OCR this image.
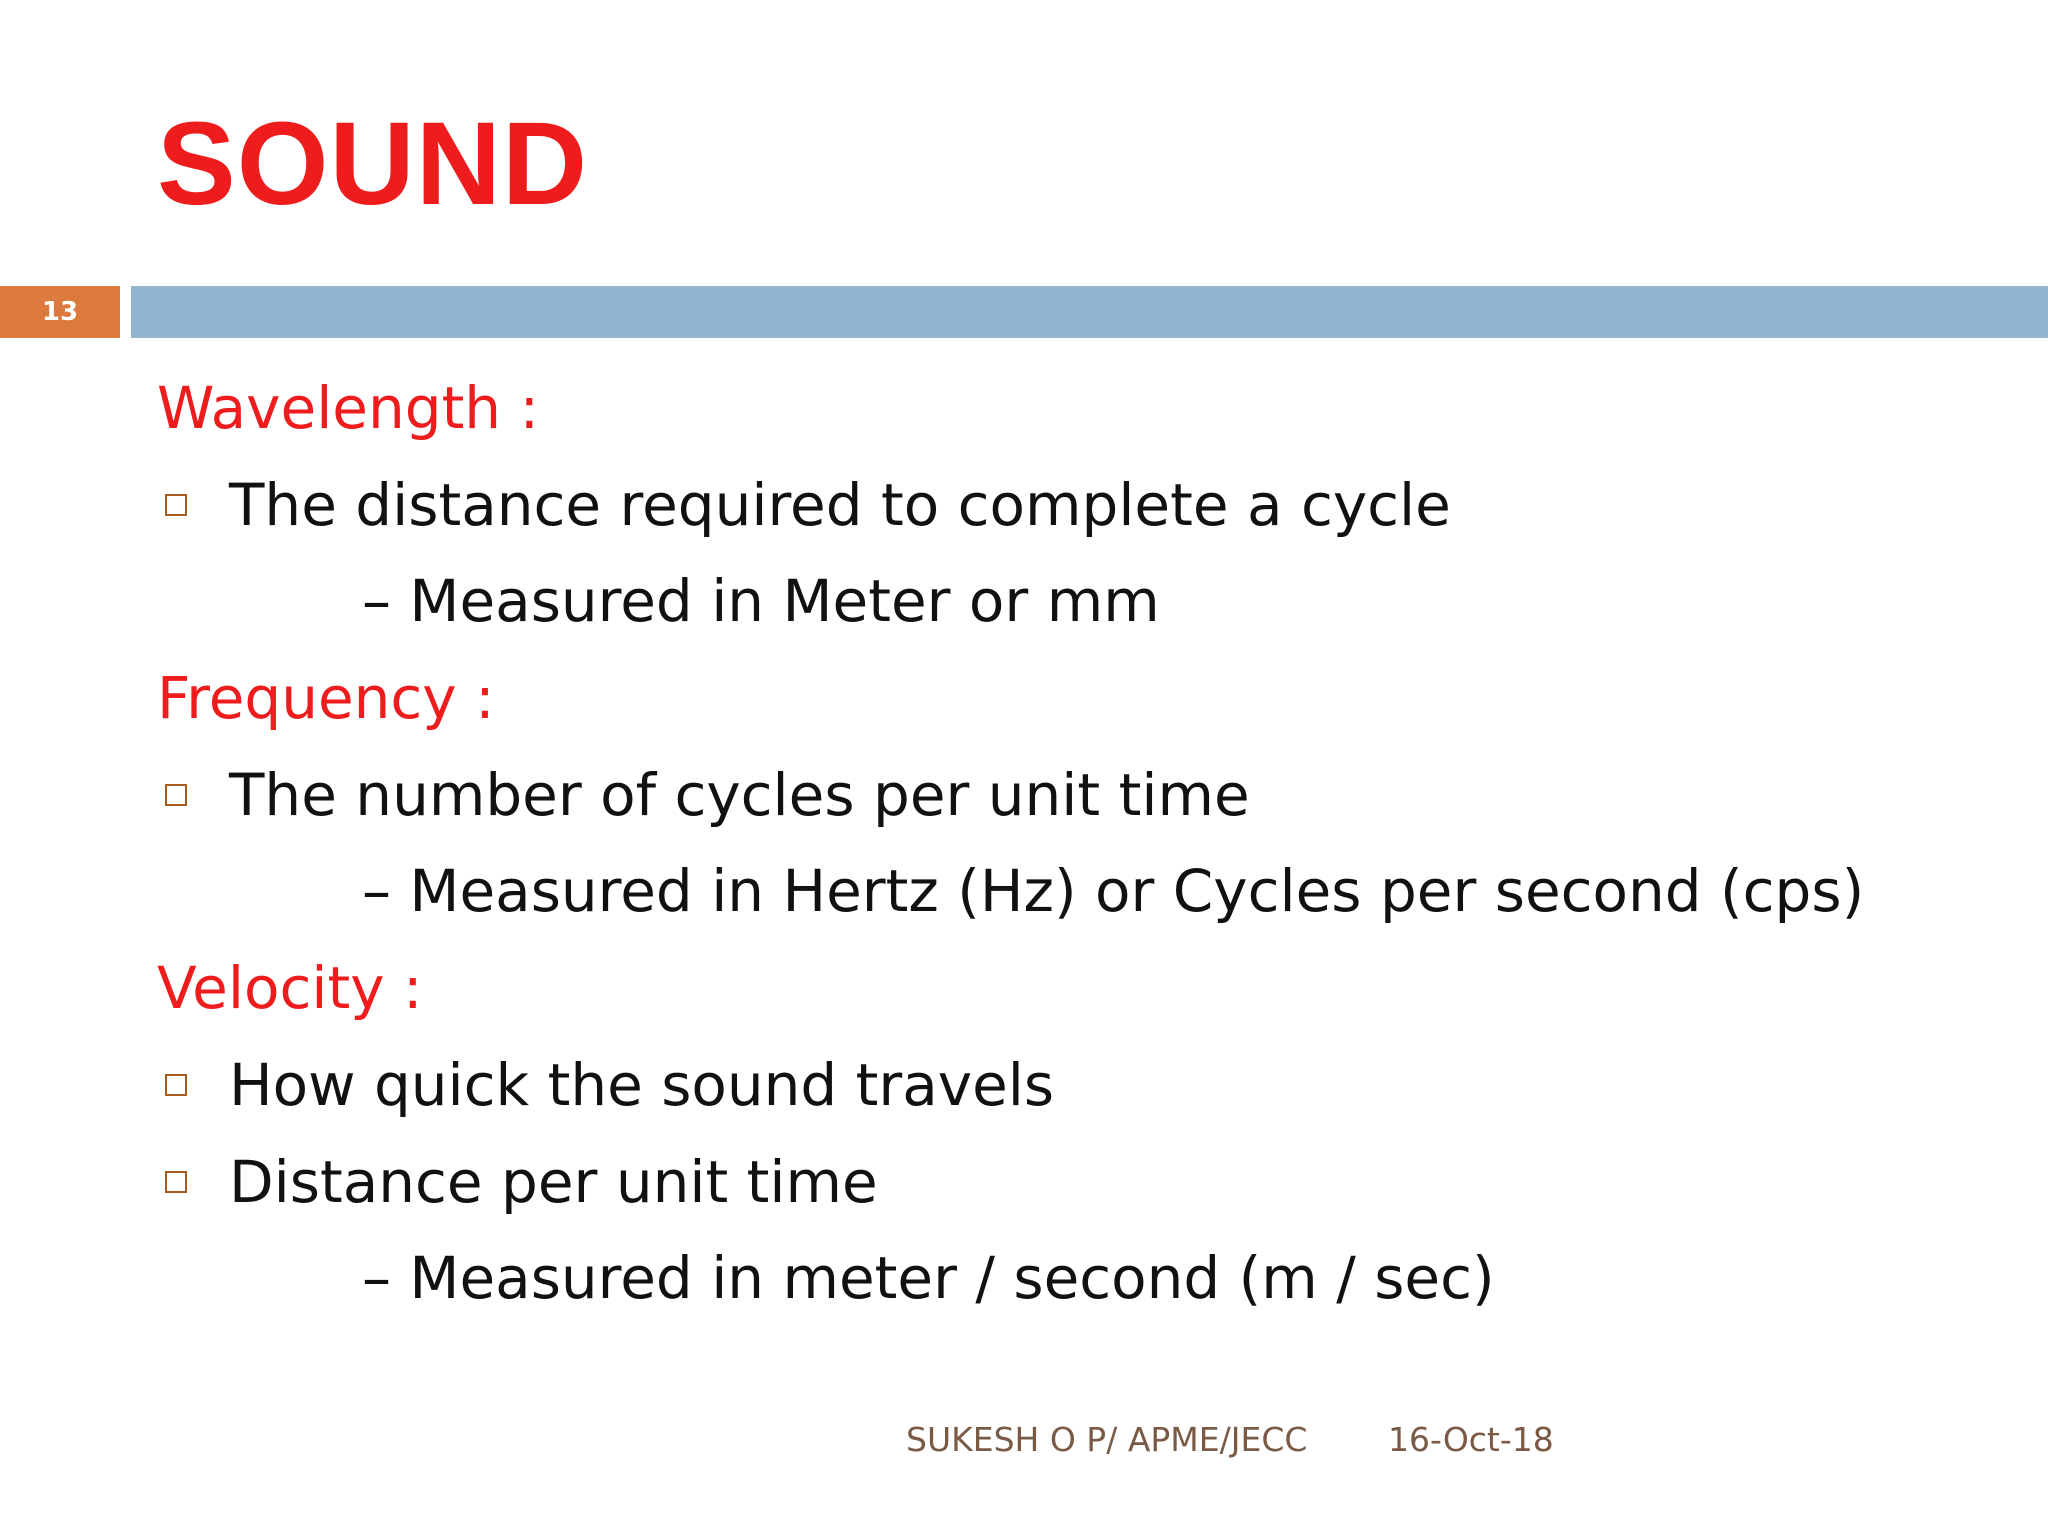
SOUND
13
Wavelength :
The distance required to complete a cycle
– Measured in Meter or mm
Frequency :
The number of cycles per unit time
– Measured in Hertz (Hz) or Cycles per second (cps)
Velocity :
How quick the sound travels
Distance per unit time
– Measured in meter / second (m / sec)
SUKESH O P/ APME/JECC 16-Oct-18
